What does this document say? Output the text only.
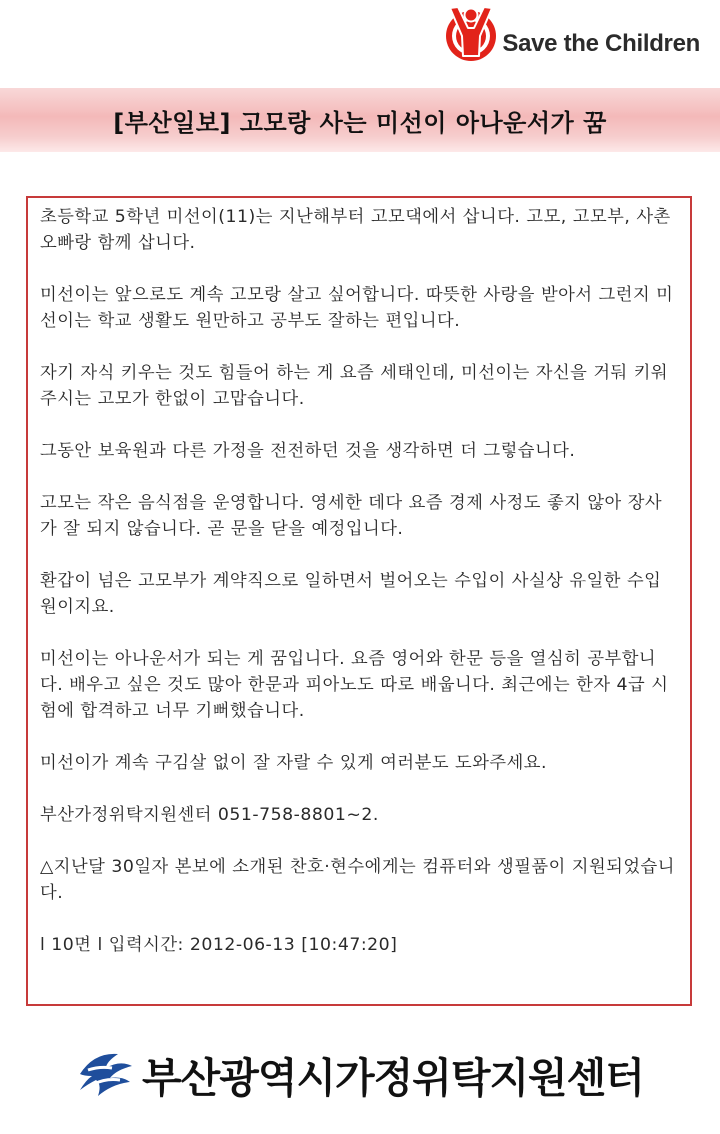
Save the Children
[부산일보] 고모랑 사는 미선이 아나운서가 꿈

초등학교 5학년 미선이(11)는 지난해부터 고모댁에서 삽니다. 고모, 고모부, 사촌오빠랑 함께 삽니다.

미선이는 앞으로도 계속 고모랑 살고 싶어합니다. 따뜻한 사랑을 받아서 그런지 미선이는 학교 생활도 원만하고 공부도 잘하는 편입니다.

자기 자식 키우는 것도 힘들어 하는 게 요즘 세태인데, 미선이는 자신을 거둬 키워주시는 고모가 한없이 고맙습니다.

그동안 보육원과 다른 가정을 전전하던 것을 생각하면 더 그렇습니다.

고모는 작은 음식점을 운영합니다. 영세한 데다 요즘 경제 사정도 좋지 않아 장사가 잘 되지 않습니다. 곧 문을 닫을 예정입니다.

환갑이 넘은 고모부가 계약직으로 일하면서 벌어오는 수입이 사실상 유일한 수입원이지요.

미선이는 아나운서가 되는 게 꿈입니다. 요즘 영어와 한문 등을 열심히 공부합니다. 배우고 싶은 것도 많아 한문과 피아노도 따로 배웁니다. 최근에는 한자 4급 시험에 합격하고 너무 기뻐했습니다.

미선이가 계속 구김살 없이 잘 자랄 수 있게 여러분도 도와주세요.

부산가정위탁지원센터 051-758-8801~2.

△지난달 30일자 본보에 소개된 찬호·현수에게는 컴퓨터와 생필품이 지원되었습니다.

l 10면 l 입력시간: 2012-06-13 [10:47:20]

부산광역시가정위탁지원센터
